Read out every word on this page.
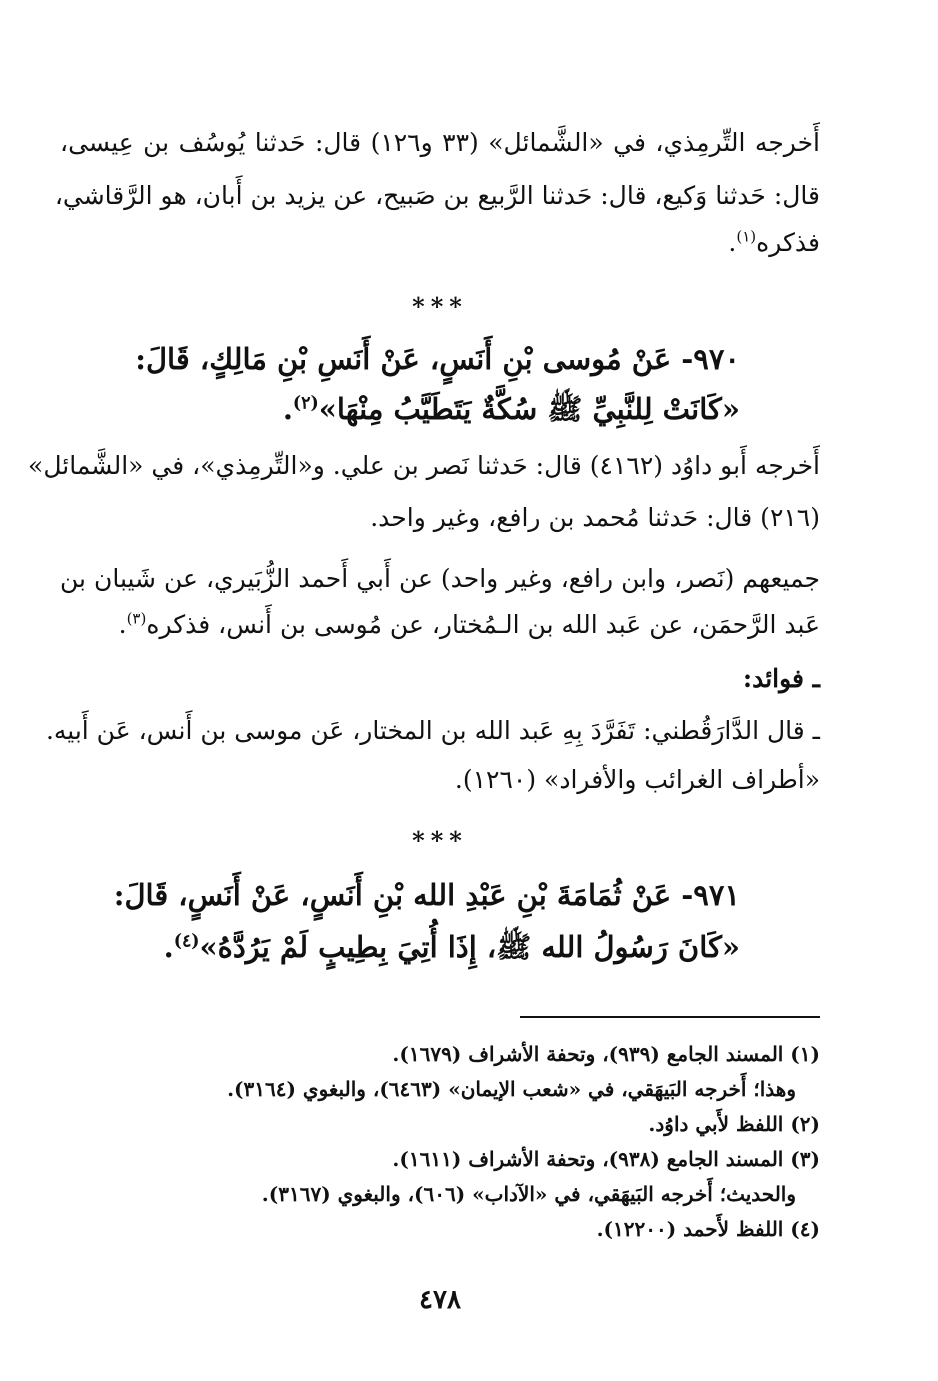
أَخرجه التِّرمِذي، في «الشَّمائل» (٣٣ و١٢٦) قال: حَدثنا يُوسُف بن عِيسى،
قال: حَدثنا وَكيع، قال: حَدثنا الرَّبيع بن صَبيح، عن يزيد بن أَبان، هو الرَّقاشي،
فذكره$^{(١)}$.
***
٩٧٠- عَنْ مُوسى بْنِ أَنَسٍ، عَنْ أَنَسِ بْنِ مَالِكٍ، قَالَ:
«كَانَتْ لِلنَّبِيِّ ﷺ سُكَّةٌ يَتَطَيَّبُ مِنْهَا»$^{(٢)}$.
أَخرجه أَبو داوُد (٤١٦٢) قال: حَدثنا نَصر بن علي. و«التِّرمِذي»، في «الشَّمائل»
(٢١٦) قال: حَدثنا مُحمد بن رافع، وغير واحد.
جميعهم (نَصر، وابن رافع، وغير واحد) عن أَبي أَحمد الزُّبَيري، عن شَيبان بن
عَبد الرَّحمَن، عن عَبد الله بن الـمُختار، عن مُوسى بن أَنس، فذكره$^{(٣)}$.
ـ فوائد:
ـ قال الدَّارَقُطني: تَفَرَّدَ بِهِ عَبد الله بن المختار، عَن موسى بن أَنس، عَن أَبيه.
«أطراف الغرائب والأفراد» (١٢٦٠).
***
٩٧١- عَنْ ثُمَامَةَ بْنِ عَبْدِ الله بْنِ أَنَسٍ، عَنْ أَنَسٍ، قَالَ:
«كَانَ رَسُولُ الله ﷺ، إِذَا أُتِيَ بِطِيبٍ لَمْ يَرُدَّهُ»$^{(٤)}$.
(١) المسند الجامع (٩٣٩)، وتحفة الأشراف (١٦٧٩).
وهذا؛ أَخرجه البَيهَقي، في «شعب الإيمان» (٦٤٦٣)، والبغوي (٣١٦٤).
(٢) اللفظ لأَبي داوُد.
(٣) المسند الجامع (٩٣٨)، وتحفة الأشراف (١٦١١).
والحديث؛ أَخرجه البَيهَقي، في «الآداب» (٦٠٦)، والبغوي (٣١٦٧).
(٤) اللفظ لأَحمد (١٢٢٠٠).
٤٧٨
